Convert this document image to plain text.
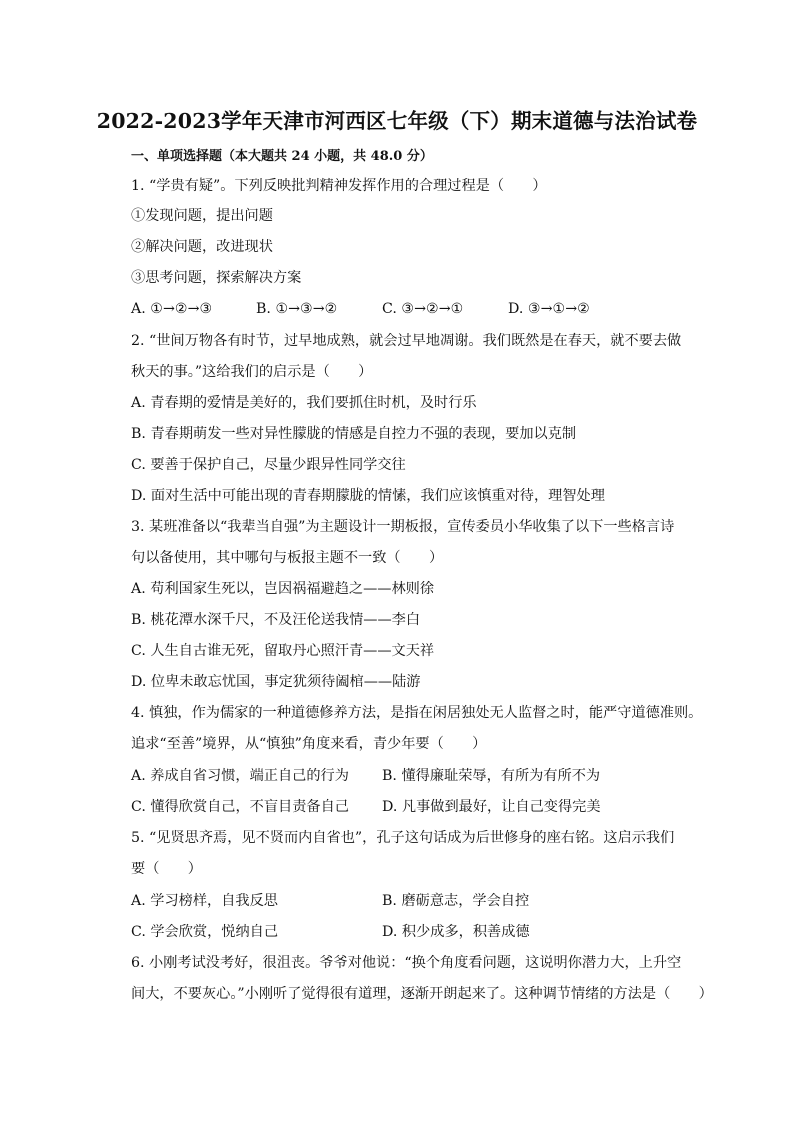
2022-2023学年天津市河西区七年级（下）期末道德与法治试卷
一、单项选择题（本大题共 24 小题，共 48.0 分）
1. “学贵有疑”。下列反映批判精神发挥作用的合理过程是（　　）
①发现问题，提出问题
②解决问题，改进现状
③思考问题，探索解决方案
A. ①→②→③	B. ①→③→②	C. ③→②→①	D. ③→①→②
2. “世间万物各有时节，过早地成熟，就会过早地凋谢。我们既然是在春天，就不要去做
秋天的事。”这给我们的启示是（　　）
A. 青春期的爱情是美好的，我们要抓住时机，及时行乐
B. 青春期萌发一些对异性朦胧的情感是自控力不强的表现，要加以克制
C. 要善于保护自己，尽量少跟异性同学交往
D. 面对生活中可能出现的青春期朦胧的情愫，我们应该慎重对待，理智处理
3. 某班准备以“我辈当自强”为主题设计一期板报，宣传委员小华收集了以下一些格言诗
句以备使用，其中哪句与板报主题不一致（　　）
A. 苟利国家生死以，岂因祸福避趋之——林则徐
B. 桃花潭水深千尺，不及汪伦送我情——李白
C. 人生自古谁无死，留取丹心照汗青——文天祥
D. 位卑未敢忘忧国，事定犹须待阖棺——陆游
4. 慎独，作为儒家的一种道德修养方法，是指在闲居独处无人监督之时，能严守道德准则。
追求“至善”境界，从“慎独”角度来看，青少年要（　　）
A. 养成自省习惯，端正自己的行为 B. 懂得廉耻荣辱，有所为有所不为
C. 懂得欣赏自己，不盲目责备自己 D. 凡事做到最好，让自己变得完美
5. “见贤思齐焉，见不贤而内自省也”，孔子这句话成为后世修身的座右铭。这启示我们
要（　　）
A. 学习榜样，自我反思	B. 磨砺意志，学会自控
C. 学会欣赏，悦纳自己	D. 积少成多，积善成德
6. 小刚考试没考好，很沮丧。爷爷对他说：“换个角度看问题，这说明你潜力大，上升空
间大，不要灰心。”小刚听了觉得很有道理，逐渐开朗起来了。这种调节情绪的方法是（　　）
